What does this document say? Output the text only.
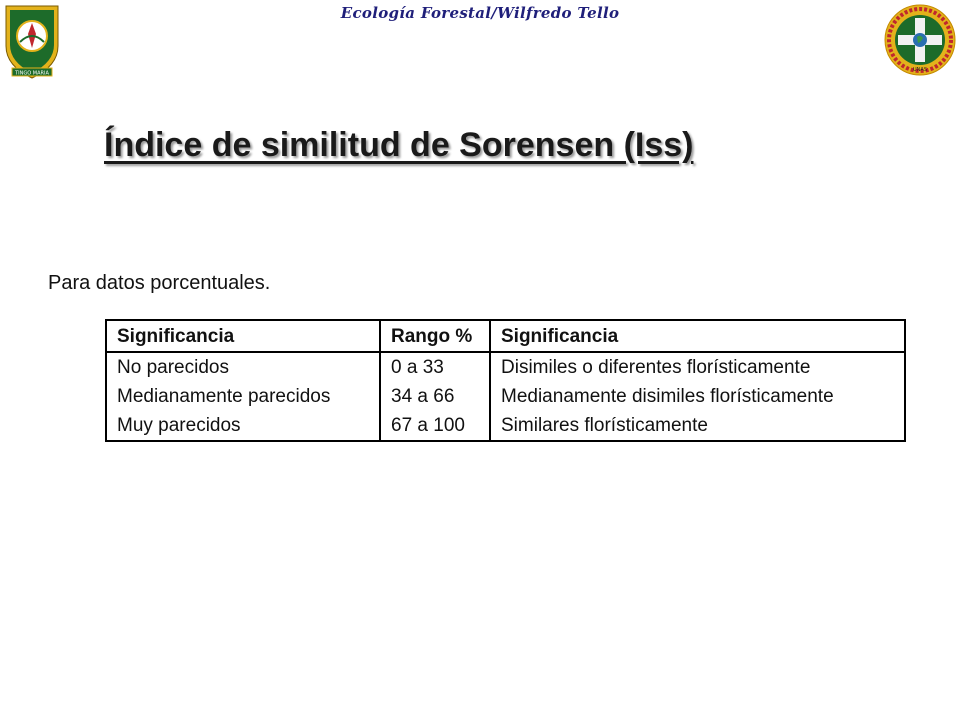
TINGO MARIA
Ecología Forestal/Wilfredo Tello
UNAS
Índice de similitud de Sorensen (Iss)
Para datos porcentuales.
Significancia	Rango %	Significancia
No parecidos	0 a 33	Disimiles o diferentes florísticamente
Medianamente parecidos	34 a 66	Medianamente disimiles florísticamente
Muy parecidos	67 a 100	Similares florísticamente
